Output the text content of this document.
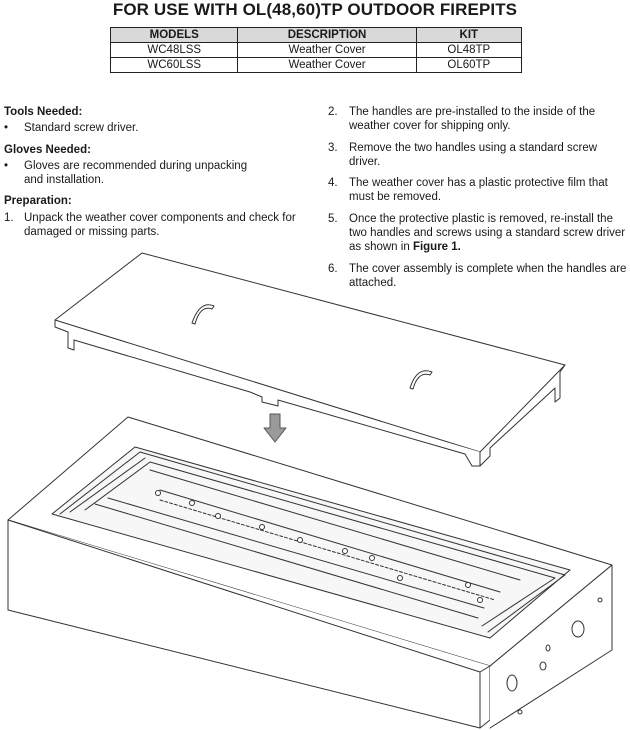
FOR USE WITH OL(48,60)TP OUTDOOR FIREPITS
MODELS	DESCRIPTION	KIT
WC48LSS	Weather Cover	OL48TP
WC60LSS	Weather Cover	OL60TP
Tools Needed:
•	Standard screw driver.
Gloves Needed:
•	Gloves are recommended during unpacking
and installation.
Preparation:
1. Unpack the weather cover components and check for
damaged or missing parts.
2. The handles are pre-installed to the inside of the
weather cover for shipping only.
3. Remove the two handles using a standard screw driver.
4. The weather cover has a plastic protective film that
must be removed.
5. Once the protective plastic is removed, re-install the
two handles and screws using a standard screw driver
as shown in Figure 1.
6. The cover assembly is complete when the handles are
attached.
